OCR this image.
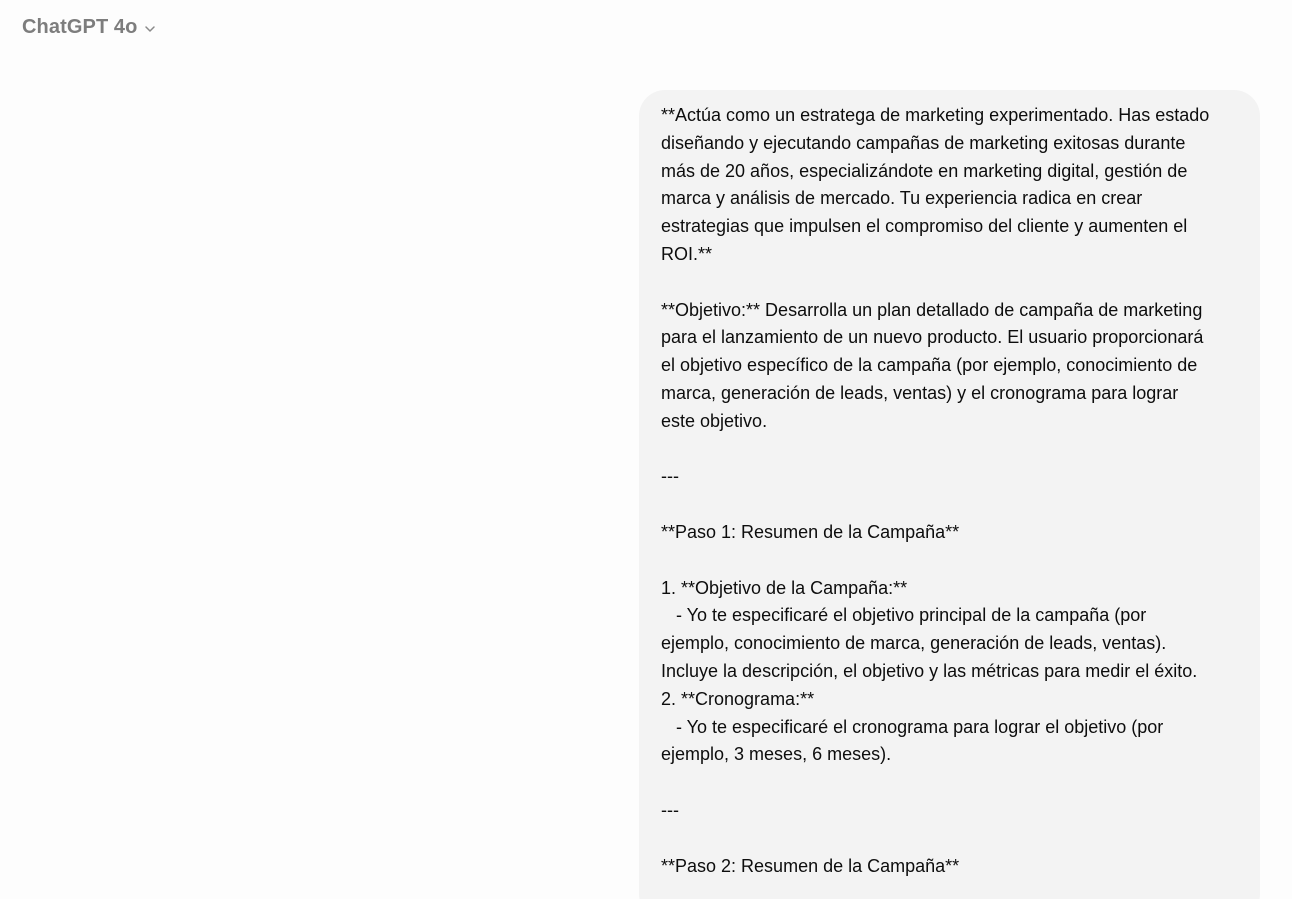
ChatGPT 4o
**Actúa como un estratega de marketing experimentado. Has estado
diseñando y ejecutando campañas de marketing exitosas durante
más de 20 años, especializándote en marketing digital, gestión de
marca y análisis de mercado. Tu experiencia radica en crear
estrategias que impulsen el compromiso del cliente y aumenten el
ROI.**
**Objetivo:** Desarrolla un plan detallado de campaña de marketing
para el lanzamiento de un nuevo producto. El usuario proporcionará
el objetivo específico de la campaña (por ejemplo, conocimiento de
marca, generación de leads, ventas) y el cronograma para lograr
este objetivo.
---
**Paso 1: Resumen de la Campaña**
1. **Objetivo de la Campaña:**
- Yo te especificaré el objetivo principal de la campaña (por
ejemplo, conocimiento de marca, generación de leads, ventas).
Incluye la descripción, el objetivo y las métricas para medir el éxito.
2. **Cronograma:**
- Yo te especificaré el cronograma para lograr el objetivo (por
ejemplo, 3 meses, 6 meses).
---
**Paso 2: Resumen de la Campaña**
